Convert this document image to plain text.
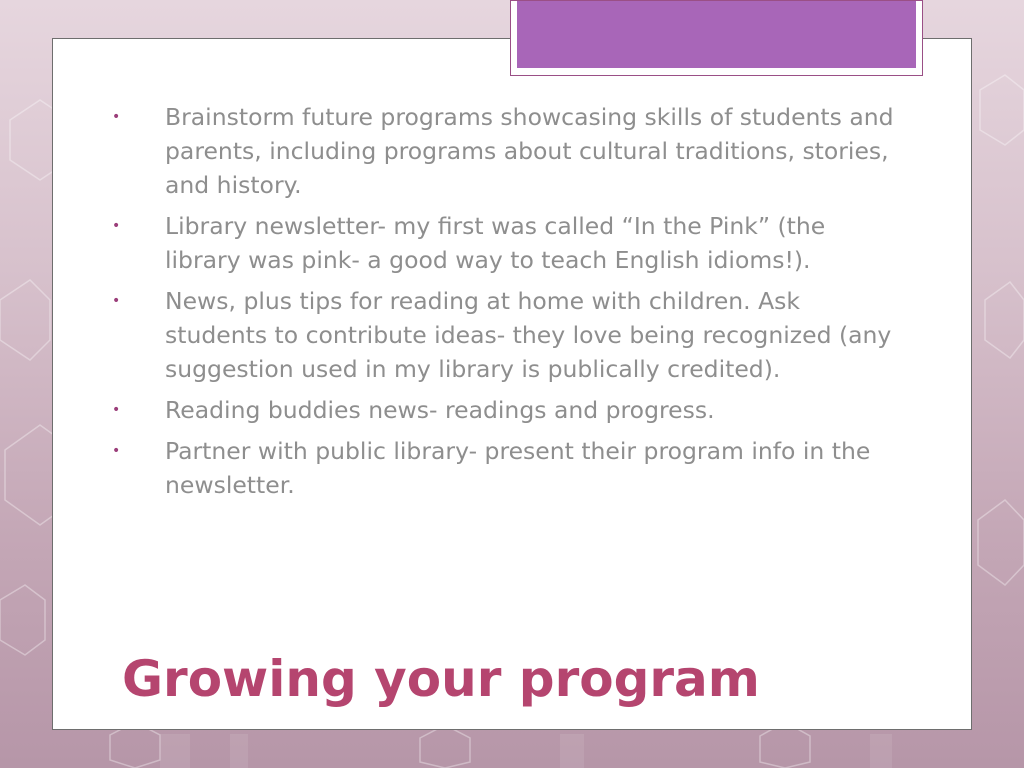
• Brainstorm future programs showcasing skills of students and parents, including programs about cultural traditions, stories, and history.
• Library newsletter- my first was called “In the Pink” (the library was pink- a good way to teach English idioms!).
• News, plus tips for reading at home with children. Ask students to contribute ideas- they love being recognized (any suggestion used in my library is publically credited).
• Reading buddies news- readings and progress.
• Partner with public library- present their program info in the newsletter.
Growing your program
